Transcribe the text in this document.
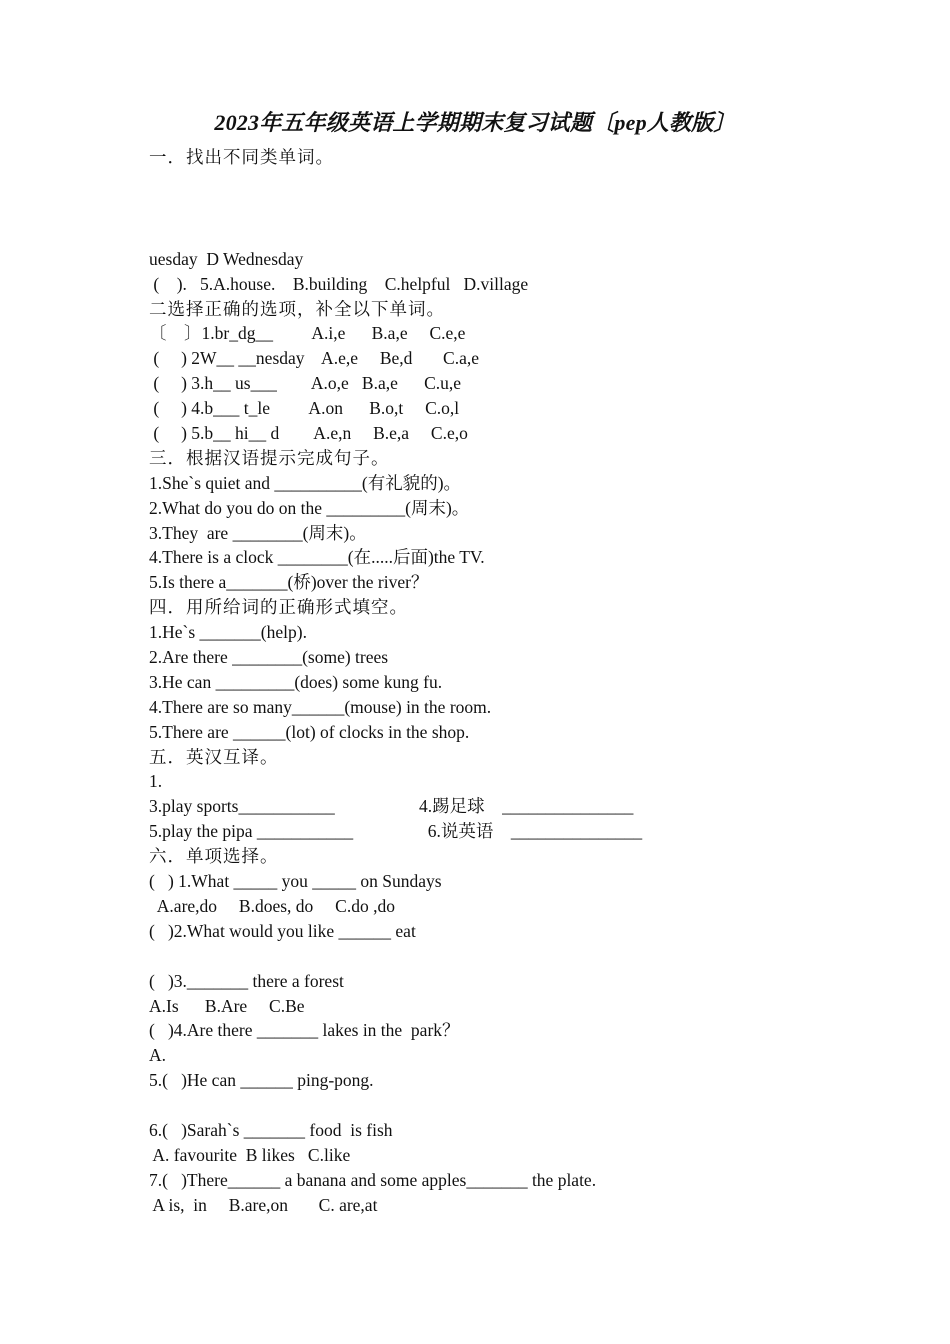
2023年五年级英语上学期期末复习试题〔pep人教版〕
一．找出不同类单词。
uesday  D Wednesday
(    ).   5.A.house.    B.building    C.helpful   D.village
二选择正确的选项，补全以下单词。
〔    〕1.br_dg__         A.i,e      B.a,e     C.e,e
(     ) 2W__ __nesday    A.e,e     Be,d       C.a,e
(     ) 3.h__ us___        A.o,e   B.a,e      C.u,e
(     ) 4.b___ t_le         A.on      B.o,t     C.o,l
(     ) 5.b__ hi__ d        A.e,n     B.e,a     C.e,o
三．根据汉语提示完成句子。
1.She`s quiet and __________(有礼貌的)。
2.What do you do on the _________(周末)。
3.They  are ________(周末)。
4.There is a clock ________(在.....后面)the TV.
5.Is there a_______(桥)over the river？
四．用所给词的正确形式填空。
1.He`s _______(help).
2.Are there ________(some) trees
3.He can _________(does) some kung fu.
4.There are so many______(mouse) in the room.
5.There are ______(lot) of clocks in the shop.
五．英汉互译。
1.
3.play sports___________	4.踢足球    _______________
5.play the pipa ___________	6.说英语    _______________
六．单项选择。
(   ) 1.What _____ you _____ on Sundays
A.are,do     B.does, do     C.do ,do
(   )2.What would you like ______ eat
(   )3._______ there a forest
A.Is      B.Are     C.Be
(   )4.Are there _______ lakes in the  park？
A.
5.(   )He can ______ ping-pong.
6.(   )Sarah`s _______ food  is fish
A. favourite  B likes   C.like
7.(   )There______ a banana and some apples_______ the plate.
A is,  in     B.are,on       C. are,at
